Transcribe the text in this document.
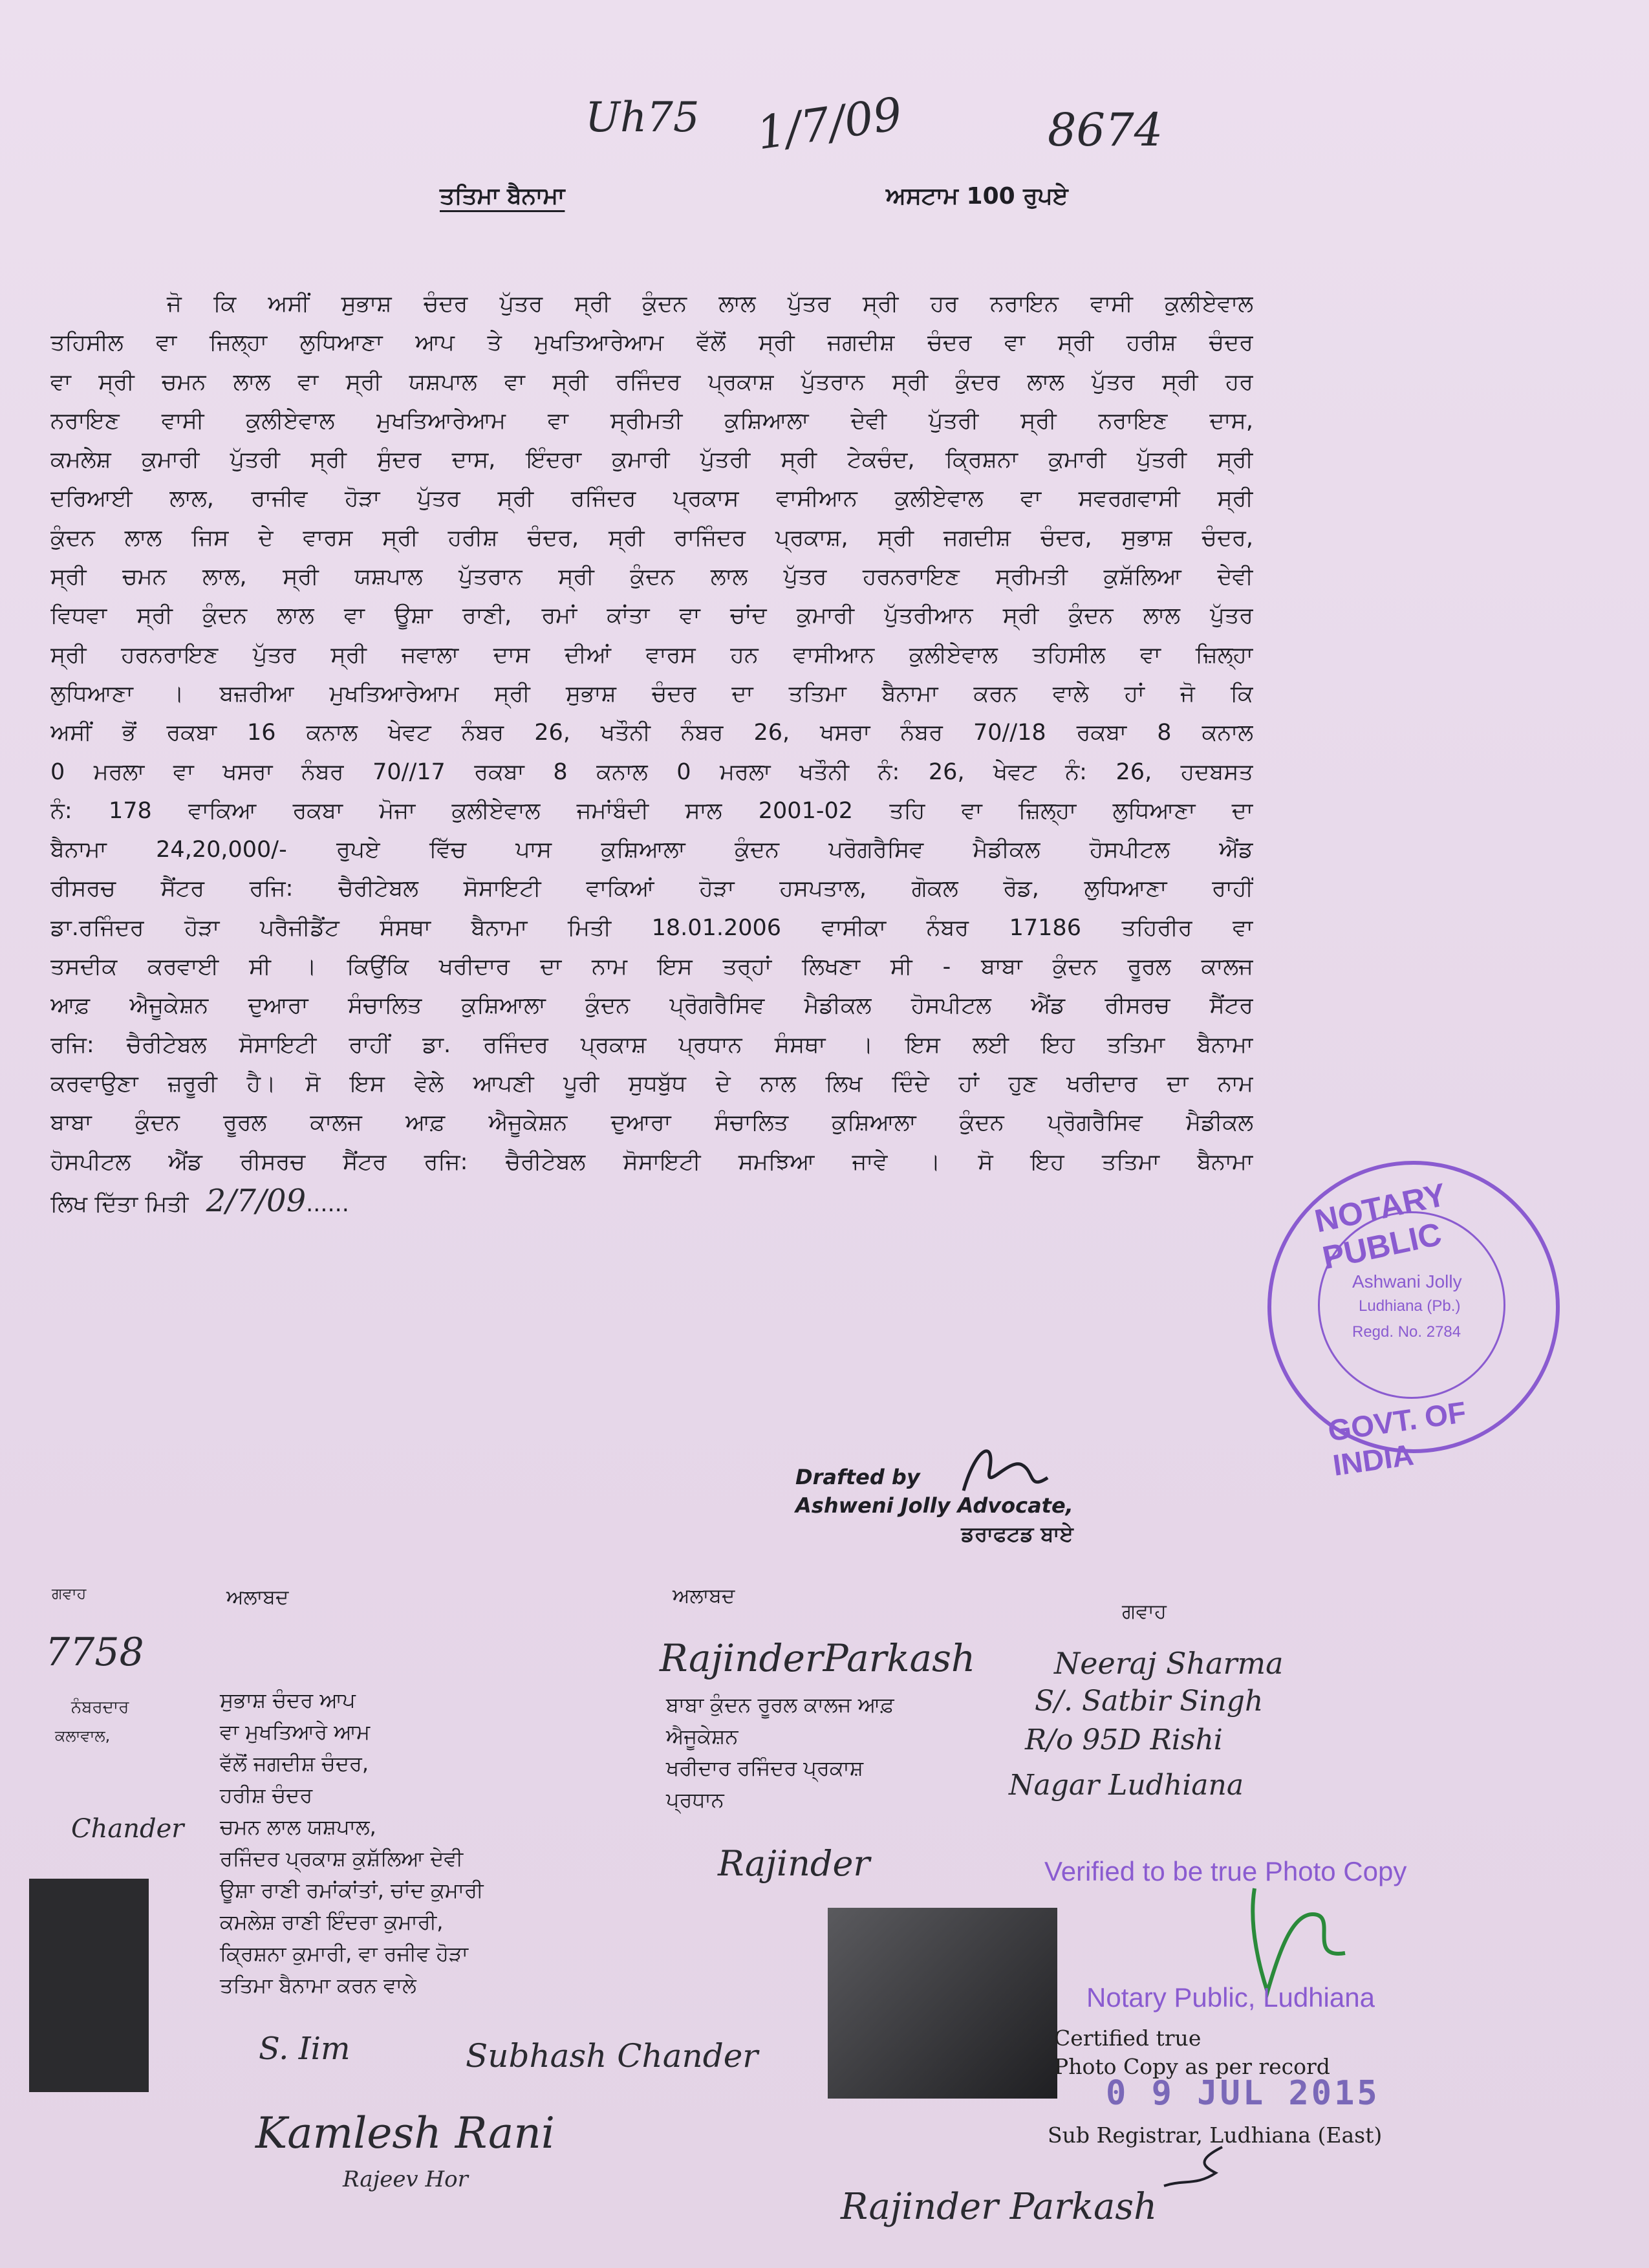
Uh75 1/7/09	8674
ਤਤਿਮਾ ਬੈਨਾਮਾ	ਅਸਟਾਮ 100 ਰੁਪਏ
ਜੋ ਕਿ ਅਸੀਂ ਸੁਭਾਸ਼ ਚੰਦਰ ਪੁੱਤਰ ਸ੍ਰੀ ਕੁੰਦਨ ਲਾਲ ਪੁੱਤਰ ਸ੍ਰੀ ਹਰ ਨਰਾਇਨ ਵਾਸੀ ਕੁਲੀਏਵਾਲ
ਤਹਿਸੀਲ ਵਾ ਜਿਲ੍ਹਾ ਲੁਧਿਆਣਾ ਆਪ ਤੇ ਮੁਖਤਿਆਰੇਆਮ ਵੱਲੋਂ ਸ੍ਰੀ ਜਗਦੀਸ਼ ਚੰਦਰ ਵਾ ਸ੍ਰੀ ਹਰੀਸ਼ ਚੰਦਰ
ਵਾ ਸ੍ਰੀ ਚਮਨ ਲਾਲ ਵਾ ਸ੍ਰੀ ਯਸ਼ਪਾਲ ਵਾ ਸ੍ਰੀ ਰਜਿੰਦਰ ਪ੍ਰਕਾਸ਼ ਪੁੱਤਰਾਨ ਸ੍ਰੀ ਕੁੰਦਰ ਲਾਲ ਪੁੱਤਰ ਸ੍ਰੀ ਹਰ
ਨਰਾਇਣ ਵਾਸੀ ਕੁਲੀਏਵਾਲ ਮੁਖਤਿਆਰੇਆਮ ਵਾ ਸ੍ਰੀਮਤੀ ਕੁਸ਼ਿਆਲਾ ਦੇਵੀ ਪੁੱਤਰੀ ਸ੍ਰੀ ਨਰਾਇਣ ਦਾਸ,
ਕਮਲੇਸ਼ ਕੁਮਾਰੀ ਪੁੱਤਰੀ ਸ੍ਰੀ ਸੁੰਦਰ ਦਾਸ, ਇੰਦਰਾ ਕੁਮਾਰੀ ਪੁੱਤਰੀ ਸ੍ਰੀ ਟੇਕਚੰਦ, ਕ੍ਰਿਸ਼ਨਾ ਕੁਮਾਰੀ ਪੁੱਤਰੀ ਸ੍ਰੀ
ਦਰਿਆਈ ਲਾਲ, ਰਾਜੀਵ ਹੋੜਾ ਪੁੱਤਰ ਸ੍ਰੀ ਰਜਿੰਦਰ ਪ੍ਰਕਾਸ ਵਾਸੀਆਨ ਕੁਲੀਏਵਾਲ ਵਾ ਸਵਰਗਵਾਸੀ ਸ੍ਰੀ
ਕੁੰਦਨ ਲਾਲ ਜਿਸ ਦੇ ਵਾਰਸ ਸ੍ਰੀ ਹਰੀਸ਼ ਚੰਦਰ, ਸ੍ਰੀ ਰਾਜਿੰਦਰ ਪ੍ਰਕਾਸ਼, ਸ੍ਰੀ ਜਗਦੀਸ਼ ਚੰਦਰ, ਸੁਭਾਸ਼ ਚੰਦਰ,
ਸ੍ਰੀ ਚਮਨ ਲਾਲ, ਸ੍ਰੀ ਯਸ਼ਪਾਲ ਪੁੱਤਰਾਨ ਸ੍ਰੀ ਕੁੰਦਨ ਲਾਲ ਪੁੱਤਰ ਹਰਨਰਾਇਣ ਸ੍ਰੀਮਤੀ ਕੁਸ਼ੱਲਿਆ ਦੇਵੀ
ਵਿਧਵਾ ਸ੍ਰੀ ਕੁੰਦਨ ਲਾਲ ਵਾ ਊਸ਼ਾ ਰਾਣੀ, ਰਮਾਂ ਕਾਂਤਾ ਵਾ ਚਾਂਦ ਕੁਮਾਰੀ ਪੁੱਤਰੀਆਨ ਸ੍ਰੀ ਕੁੰਦਨ ਲਾਲ ਪੁੱਤਰ
ਸ੍ਰੀ ਹਰਨਰਾਇਣ ਪੁੱਤਰ ਸ੍ਰੀ ਜਵਾਲਾ ਦਾਸ ਦੀਆਂ ਵਾਰਸ ਹਨ ਵਾਸੀਆਨ ਕੁਲੀਏਵਾਲ ਤਹਿਸੀਲ ਵਾ ਜ਼ਿਲ੍ਹਾ
ਲੁਧਿਆਣਾ । ਬਜ਼ਰੀਆ ਮੁਖਤਿਆਰੇਆਮ ਸ੍ਰੀ ਸੁਭਾਸ਼ ਚੰਦਰ ਦਾ ਤਤਿਮਾ ਬੈਨਾਮਾ ਕਰਨ ਵਾਲੇ ਹਾਂ ਜੋ ਕਿ
ਅਸੀਂ ਭੋਂ ਰਕਬਾ 16 ਕਨਾਲ ਖੇਵਟ ਨੰਬਰ 26, ਖਤੌਨੀ ਨੰਬਰ 26, ਖਸਰਾ ਨੰਬਰ 70//18 ਰਕਬਾ 8 ਕਨਾਲ
0 ਮਰਲਾ ਵਾ ਖਸਰਾ ਨੰਬਰ 70//17 ਰਕਬਾ 8 ਕਨਾਲ 0 ਮਰਲਾ ਖਤੌਨੀ ਨੰ: 26, ਖੇਵਟ ਨੰ: 26, ਹਦਬਸਤ
ਨੰ: 178 ਵਾਕਿਆ ਰਕਬਾ ਮੋਜਾ ਕੁਲੀਏਵਾਲ ਜਮਾਂਬੰਦੀ ਸਾਲ 2001-02 ਤਹਿ ਵਾ ਜ਼ਿਲ੍ਹਾ ਲੁਧਿਆਣਾ ਦਾ
ਬੈਨਾਮਾ 24,20,000/- ਰੁਪਏ ਵਿੱਚ ਪਾਸ ਕੁਸ਼ਿਆਲਾ ਕੁੰਦਨ ਪਰੋਗਰੈਸਿਵ ਮੈਡੀਕਲ ਹੋਸਪੀਟਲ ਐਂਡ
ਰੀਸਰਚ ਸੈਂਟਰ ਰਜਿ: ਚੈਰੀਟੇਬਲ ਸੋਸਾਇਟੀ ਵਾਕਿਆਂ ਹੋੜਾ ਹਸਪਤਾਲ, ਗੋਕਲ ਰੋਡ, ਲੁਧਿਆਣਾ ਰਾਹੀਂ
ਡਾ.ਰਜਿੰਦਰ ਹੋੜਾ ਪਰੈਜੀਡੈਂਟ ਸੰਸਥਾ ਬੈਨਾਮਾ ਮਿਤੀ 18.01.2006 ਵਾਸੀਕਾ ਨੰਬਰ 17186 ਤਹਿਰੀਰ ਵਾ
ਤਸਦੀਕ ਕਰਵਾਈ ਸੀ । ਕਿਉਂਕਿ ਖਰੀਦਾਰ ਦਾ ਨਾਮ ਇਸ ਤਰ੍ਹਾਂ ਲਿਖਣਾ ਸੀ - ਬਾਬਾ ਕੁੰਦਨ ਰੂਰਲ ਕਾਲਜ
ਆਫ਼ ਐਜੂਕੇਸ਼ਨ ਦੁਆਰਾ ਸੰਚਾਲਿਤ ਕੁਸ਼ਿਆਲਾ ਕੁੰਦਨ ਪ੍ਰੋਗਰੈਸਿਵ ਮੈਡੀਕਲ ਹੋਸਪੀਟਲ ਐਂਡ ਰੀਸਰਚ ਸੈਂਟਰ
ਰਜਿ: ਚੈਰੀਟੇਬਲ ਸੋਸਾਇਟੀ ਰਾਹੀਂ ਡਾ. ਰਜਿੰਦਰ ਪ੍ਰਕਾਸ਼ ਪ੍ਰਧਾਨ ਸੰਸਥਾ । ਇਸ ਲਈ ਇਹ ਤਤਿਮਾ ਬੈਨਾਮਾ
ਕਰਵਾਉਣਾ ਜ਼ਰੂਰੀ ਹੈ। ਸੋ ਇਸ ਵੇਲੇ ਆਪਣੀ ਪੂਰੀ ਸੁਧਬੁੱਧ ਦੇ ਨਾਲ ਲਿਖ ਦਿੰਦੇ ਹਾਂ ਹੁਣ ਖਰੀਦਾਰ ਦਾ ਨਾਮ
ਬਾਬਾ ਕੁੰਦਨ ਰੂਰਲ ਕਾਲਜ ਆਫ਼ ਐਜੂਕੇਸ਼ਨ ਦੁਆਰਾ ਸੰਚਾਲਿਤ ਕੁਸ਼ਿਆਲਾ ਕੁੰਦਨ ਪ੍ਰੋਗਰੈਸਿਵ ਮੈਡੀਕਲ
ਹੋਸਪੀਟਲ ਐਂਡ ਰੀਸਰਚ ਸੈਂਟਰ ਰਜਿ: ਚੈਰੀਟੇਬਲ ਸੋਸਾਇਟੀ ਸਮਝਿਆ ਜਾਵੇ । ਸੋ ਇਹ ਤਤਿਮਾ ਬੈਨਾਮਾ
ਲਿਖ ਦਿੱਤਾ ਮਿਤੀ 2/7/09......
Drafted by
Ashweni Jolly Advocate,
ਡਰਾਫਟਡ ਬਾਏ
ਗਵਾਹ
7758
ਨੰਬਰਦਾਰ
ਕਲਾਵਾਲ,
Chander
ਅਲਾਬਦ
ਸੁਭਾਸ਼ ਚੰਦਰ ਆਪ
ਵਾ ਮੁਖਤਿਆਰੇ ਆਮ
ਵੱਲੋਂ ਜਗਦੀਸ਼ ਚੰਦਰ,
ਹਰੀਸ਼ ਚੰਦਰ
ਚਮਨ ਲਾਲ ਯਸ਼ਪਾਲ,
ਰਜਿੰਦਰ ਪ੍ਰਕਾਸ਼ ਕੁਸ਼ੱਲਿਆ ਦੇਵੀ
ਊਸ਼ਾ ਰਾਣੀ ਰਮਾਂਕਾਂਤਾਂ, ਚਾਂਦ ਕੁਮਾਰੀ
ਕਮਲੇਸ਼ ਰਾਣੀ ਇੰਦਰਾ ਕੁਮਾਰੀ,
ਕ੍ਰਿਸ਼ਨਾ ਕੁਮਾਰੀ, ਵਾ ਰਜੀਵ ਹੋੜਾ
ਤਤਿਮਾ ਬੈਨਾਮਾ ਕਰਨ ਵਾਲੇ
S. Iim	Subhash Chander
Kamlesh Rani
Rajeev Hor
ਅਲਾਬਦ
RajinderParkash
ਬਾਬਾ ਕੁੰਦਨ ਰੂਰਲ ਕਾਲਜ ਆਫ਼
ਐਜੂਕੇਸ਼ਨ
ਖਰੀਦਾਰ ਰਜਿੰਦਰ ਪ੍ਰਕਾਸ਼
ਪ੍ਰਧਾਨ
Rajinder
Rajinder Parkash
ਗਵਾਹ
Neeraj Sharma
S/. Satbir Singh
R/o 95D Rishi
Nagar Ludhiana
NOTARY PUBLIC
Ashwani Jolly
Ludhiana (Pb.)
Regd. No. 2784
GOVT. OF INDIA
Verified to be true Photo Copy
Notary Public, Ludhiana
Certified true
Photo Copy as per record
0 9 JUL 2015
Sub Registrar, Ludhiana (East)
